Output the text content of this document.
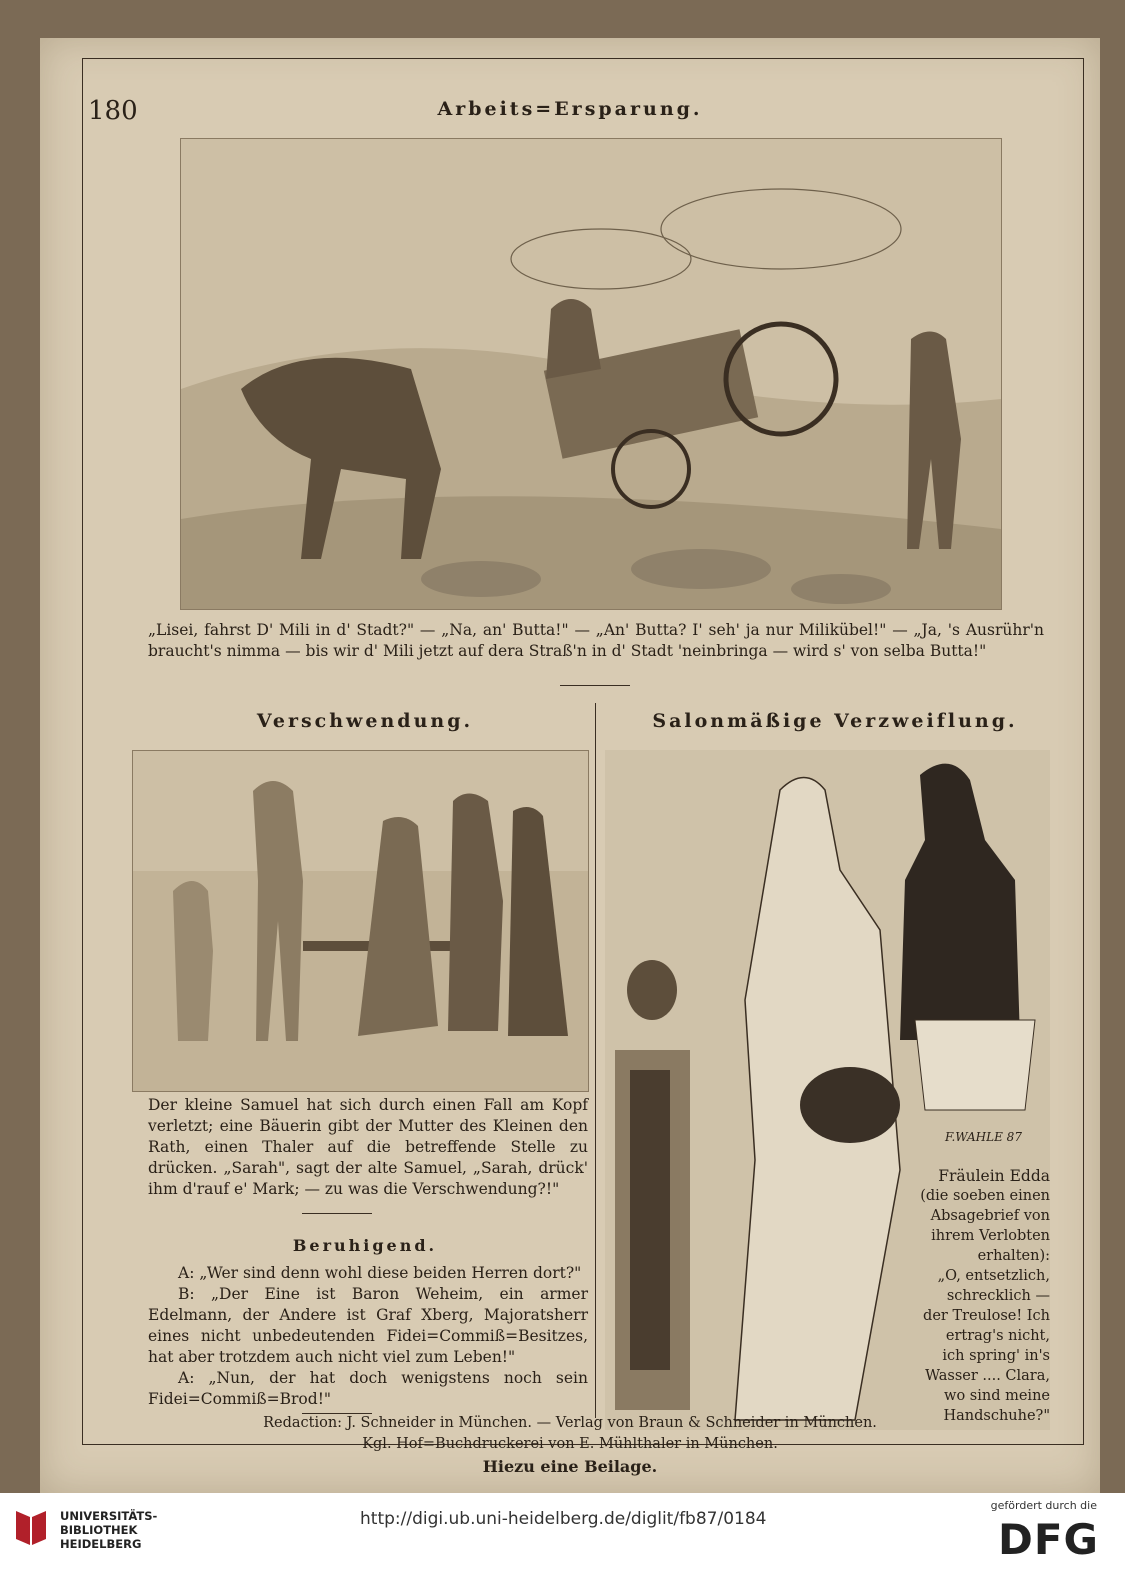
180	Arbeits=Ersparung.
„Lisei, fahrst D' Mili in d' Stadt?" — „Na, an' Butta!" — „An' Butta? I' seh' ja nur Milikübel!" — „Ja, 's Ausrühr'n braucht's nimma — bis wir d' Mili jetzt auf dera Straß'n in d' Stadt 'neinbringa — wird s' von selba Butta!"
Verschwendung.
Der kleine Samuel hat sich durch einen Fall am Kopf verletzt; eine Bäuerin gibt der Mutter des Kleinen den Rath, einen Thaler auf die betreffende Stelle zu drücken. „Sarah", sagt der alte Samuel, „Sarah, drück' ihm d'rauf e' Mark; — zu was die Verschwendung?!"
Beruhigend.
A: „Wer sind denn wohl diese beiden Herren dort?"
B: „Der Eine ist Baron Weheim, ein armer Edelmann, der Andere ist Graf Xberg, Majoratsherr eines nicht unbedeutenden Fidei=Commiß=Besitzes, hat aber trotzdem auch nicht viel zum Leben!"
A: „Nun, der hat doch wenigstens noch sein Fidei=Commiß=Brod!"
Salonmäßige Verzweiflung.
F.WAHLE 87
Fräulein Edda
(die soeben einen Absagebrief von ihrem Verlobten erhalten):
„O, entsetzlich, schrecklich — der Treulose! Ich ertrag's nicht, ich spring' in's Wasser .... Clara, wo sind meine Handschuhe?"
Redaction: J. Schneider in München. — Verlag von Braun & Schneider in München.
Kgl. Hof=Buchdruckerei von E. Mühlthaler in München.
Hiezu eine Beilage.
UNIVERSITÄTS-
BIBLIOTHEK
HEIDELBERG
http://digi.ub.uni-heidelberg.de/diglit/fb87/0184
gefördert durch die
DFG
